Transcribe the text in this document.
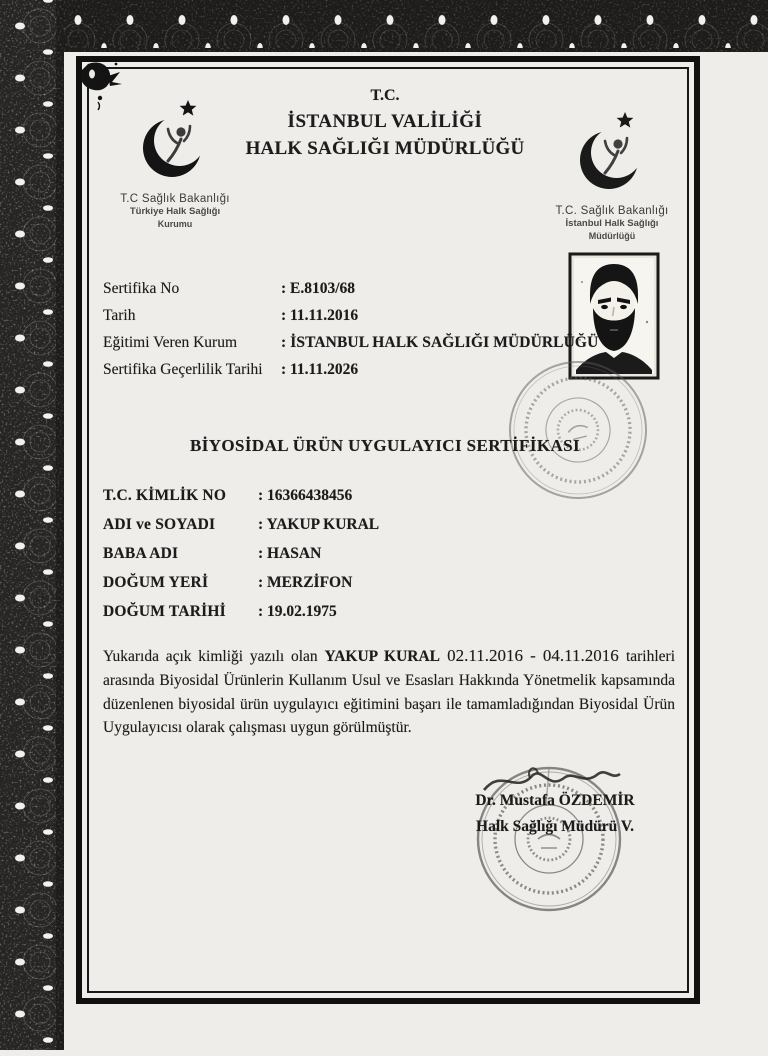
T.C.
İSTANBUL VALİLİĞİ
HALK SAĞLIĞI MÜDÜRLÜĞÜ
T.C Sağlık Bakanlığı
Türkiye Halk Sağlığı
Kurumu
T.C. Sağlık Bakanlığı
İstanbul Halk Sağlığı
Müdürlüğü
Sertifika No	: E.8103/68
Tarih	: 11.11.2016
Eğitimi Veren Kurum	: İSTANBUL HALK SAĞLIĞI MÜDÜRLÜĞÜ
Sertifika Geçerlilik Tarihi	: 11.11.2026
BİYOSİDAL ÜRÜN UYGULAYICI SERTİFİKASI
T.C. KİMLİK NO	: 16366438456
ADI ve SOYADI	: YAKUP KURAL
BABA ADI	: HASAN
DOĞUM YERİ	: MERZİFON
DOĞUM TARİHİ	: 19.02.1975
Yukarıda açık kimliği yazılı olan YAKUP KURAL 02.11.2016 - 04.11.2016 tarihleri arasında Biyosidal Ürünlerin Kullanım Usul ve Esasları Hakkında Yönetmelik kapsamında düzenlenen biyosidal ürün uygulayıcı eğitimini başarı ile tamamladığından Biyosidal Ürün Uygulayıcısı olarak çalışması uygun görülmüştür.
Dr. Mustafa ÖZDEMİR
Halk Sağlığı Müdürü V.
